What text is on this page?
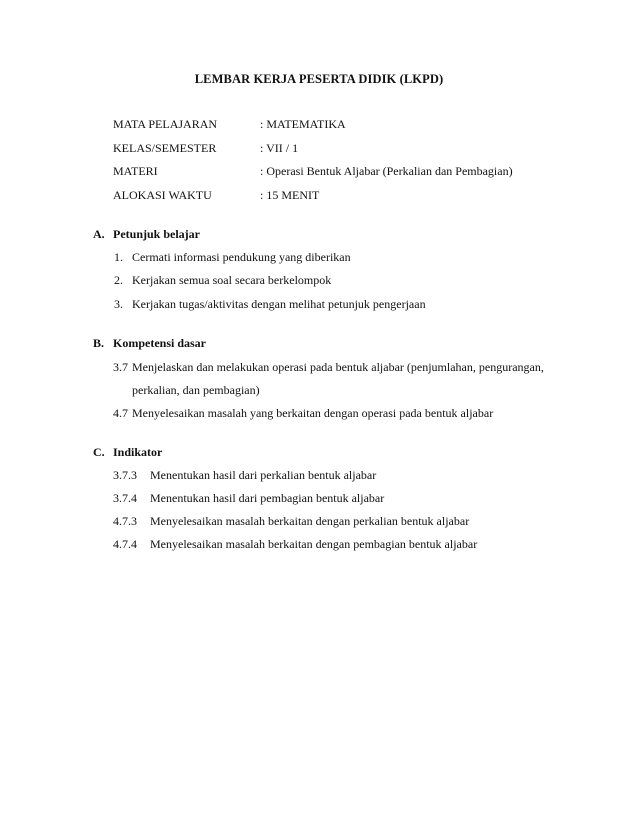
LEMBAR KERJA PESERTA DIDIK (LKPD)
MATA PELAJARAN	: MATEMATIKA
KELAS/SEMESTER	: VII / 1
MATERI	: Operasi Bentuk Aljabar (Perkalian dan Pembagian)
ALOKASI WAKTU	: 15 MENIT
A. Petunjuk belajar
1. Cermati informasi pendukung yang diberikan
2. Kerjakan semua soal secara berkelompok
3. Kerjakan tugas/aktivitas dengan melihat petunjuk pengerjaan
B. Kompetensi dasar
3.7 Menjelaskan dan melakukan operasi pada bentuk aljabar (penjumlahan, pengurangan,
perkalian, dan pembagian)
4.7 Menyelesaikan masalah yang berkaitan dengan operasi pada bentuk aljabar
C. Indikator
3.7.3 Menentukan hasil dari perkalian bentuk aljabar
3.7.4 Menentukan hasil dari pembagian bentuk aljabar
4.7.3 Menyelesaikan masalah berkaitan dengan perkalian bentuk aljabar
4.7.4 Menyelesaikan masalah berkaitan dengan pembagian bentuk aljabar
